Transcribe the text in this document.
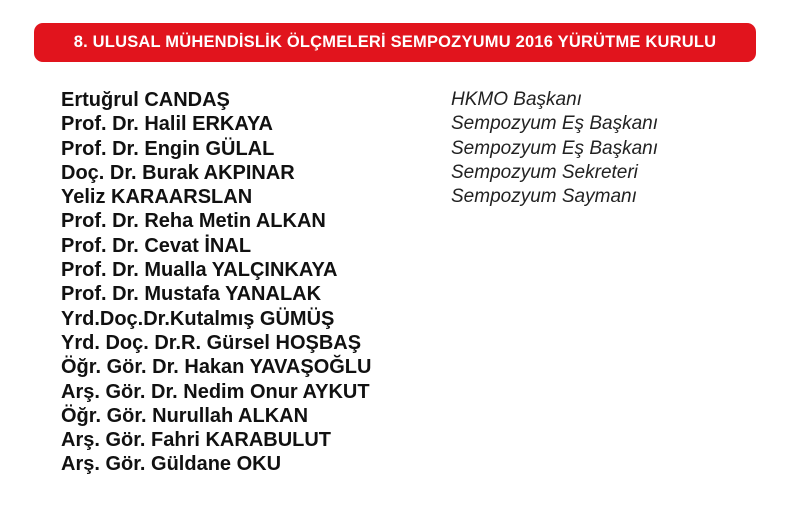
8. ULUSAL MÜHENDİSLİK ÖLÇMELERİ SEMPOZYUMU 2016 YÜRÜTME KURULU
Ertuğrul CANDAŞ
Prof. Dr. Halil ERKAYA
Prof. Dr. Engin GÜLAL
Doç. Dr. Burak AKPINAR
Yeliz KARAARSLAN
Prof. Dr. Reha Metin ALKAN
Prof. Dr. Cevat İNAL
Prof. Dr. Mualla YALÇINKAYA
Prof. Dr. Mustafa YANALAK
Yrd.Doç.Dr.Kutalmış GÜMÜŞ
Yrd. Doç. Dr.R. Gürsel HOŞBAŞ
Öğr. Gör. Dr. Hakan YAVAŞOĞLU
Arş. Gör. Dr. Nedim Onur AYKUT
Öğr. Gör. Nurullah ALKAN
Arş. Gör. Fahri KARABULUT
Arş. Gör. Güldane OKU
HKMO Başkanı
Sempozyum Eş Başkanı
Sempozyum Eş Başkanı
Sempozyum Sekreteri
Sempozyum Saymanı
